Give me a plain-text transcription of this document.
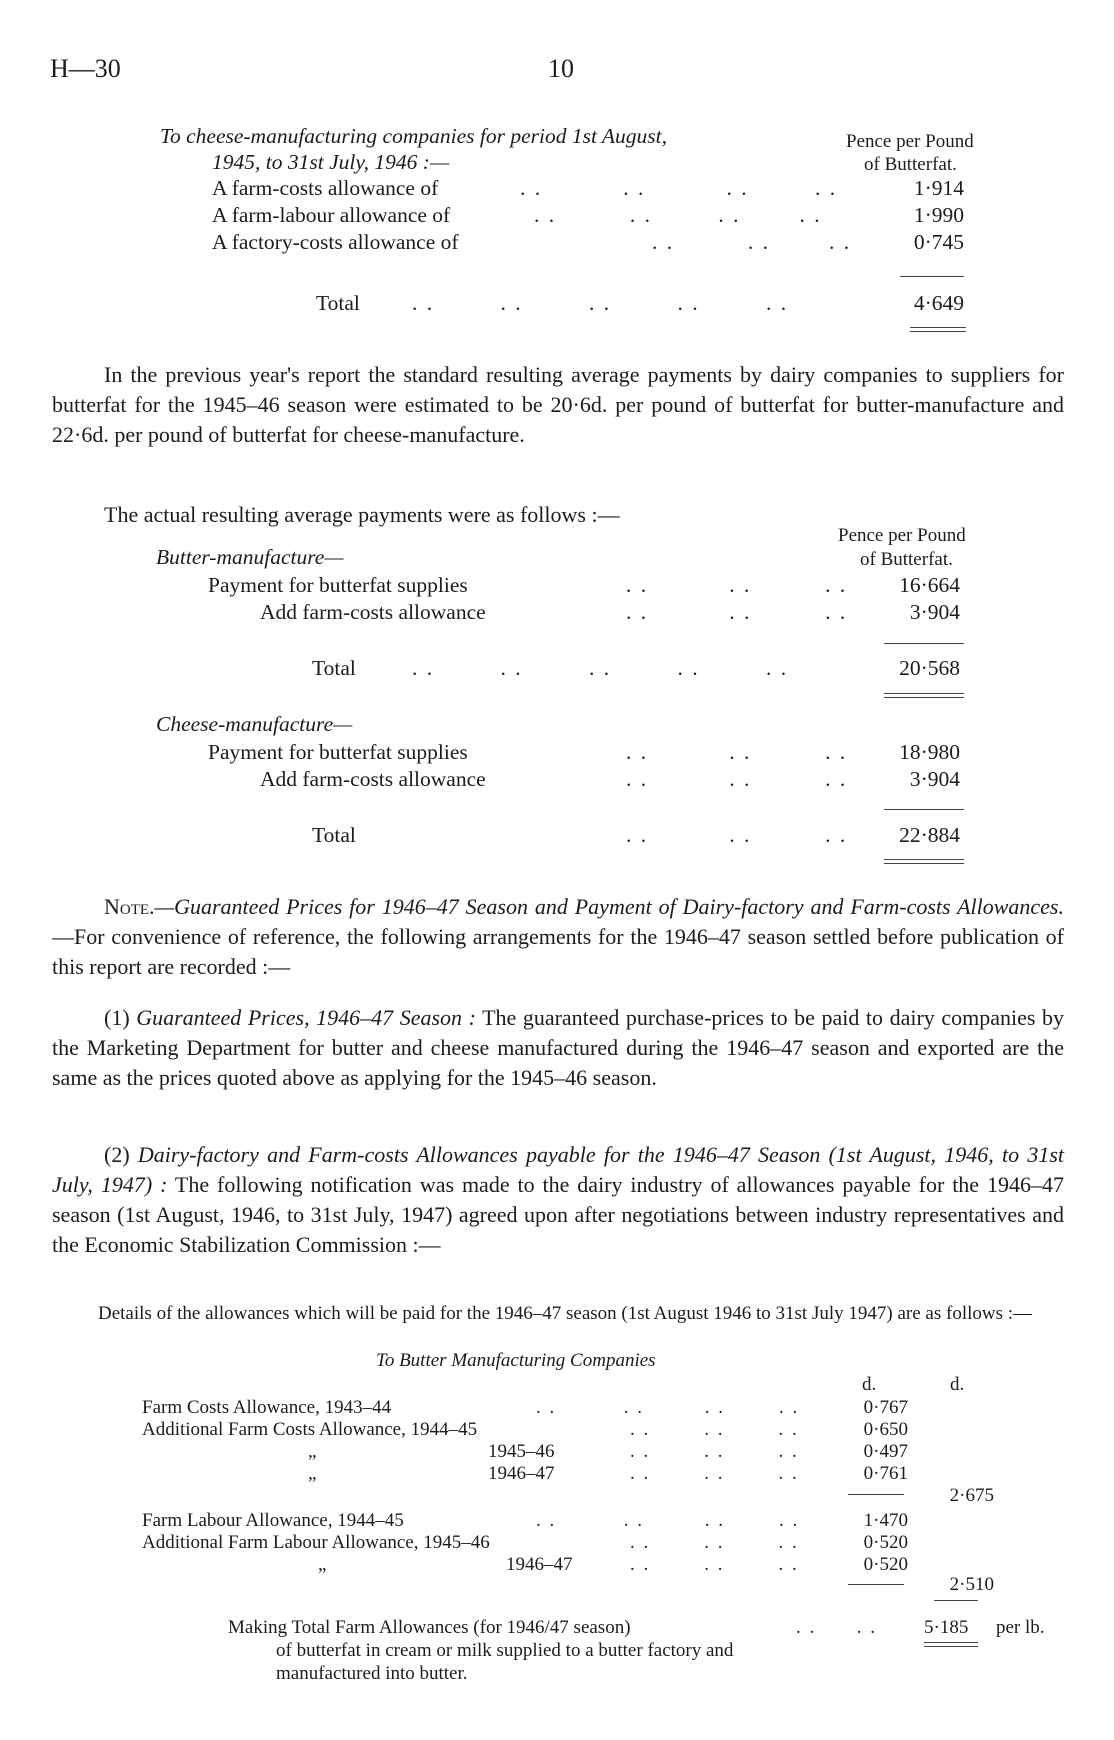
H—30	10
To cheese-manufacturing companies for period 1st August,
1945, to 31st July, 1946 :—
Pence per Pound
of Butterfat.
A farm-costs allowance of	. .           . .           . .         . .	1·914
A farm-labour allowance of	. .          . .         . .        . .	1·990
A factory-costs allowance of	. .          . .        . .	0·745
Total . .         . .         . .         . .         . .	4·649
In the previous year's report the standard resulting average payments by dairy companies to suppliers for butterfat for the 1945–46 season were estimated to be 20·6d. per pound of butterfat for butter-manufacture and 22·6d. per pound of butterfat for cheese-manufacture.
The actual resulting average payments were as follows :—
Pence per Pound
of Butterfat.
Butter-manufacture—
Payment for butterfat supplies	. .           . .          . . 16·664
Add farm-costs allowance	. .           . .          . .	3·904
Total	. .         . .         . .         . .         . .	20·568
Cheese-manufacture—
Payment for butterfat supplies	. .           . .          . . 18·980
Add farm-costs allowance	. .           . .          . .	3·904
Total	. .           . .          . . 22·884
Note.—Guaranteed Prices for 1946–47 Season and Payment of Dairy-factory and Farm-costs Allowances.—For convenience of reference, the following arrangements for the 1946–47 season settled before publication of this report are recorded :—
(1) Guaranteed Prices, 1946–47 Season : The guaranteed purchase-prices to be paid to dairy companies by the Marketing Department for butter and cheese manufactured during the 1946–47 season and exported are the same as the prices quoted above as applying for the 1945–46 season.
(2) Dairy-factory and Farm-costs Allowances payable for the 1946–47 Season (1st August, 1946, to 31st July, 1947) : The following notification was made to the dairy industry of allowances payable for the 1946–47 season (1st August, 1946, to 31st July, 1947) agreed upon after negotiations between industry representatives and the Economic Stabilization Commission :—
Details of the allowances which will be paid for the 1946–47 season (1st August 1946 to 31st July 1947) are as follows :—
To Butter Manufacturing Companies
d.	d.
Farm Costs Allowance, 1943–44	. .          . .         . .        . .	0·767
Additional Farm Costs Allowance, 1944–45	. .        . .        . .	0·650
„	1945–46	. .        . .        . .	0·497
„	1946–47	. .        . .        . .	0·761
2·675
Farm Labour Allowance, 1944–45	. .          . .         . .        . .	1·470
Additional Farm Labour Allowance, 1945–46	. .        . .        . .	0·520
„	1946–47	. .        . .        . .	0·520
2·510
Making Total Farm Allowances (for 1946/47 season)	. .      . . 5·185 per lb.
of butterfat in cream or milk supplied to a butter factory and
manufactured into butter.
